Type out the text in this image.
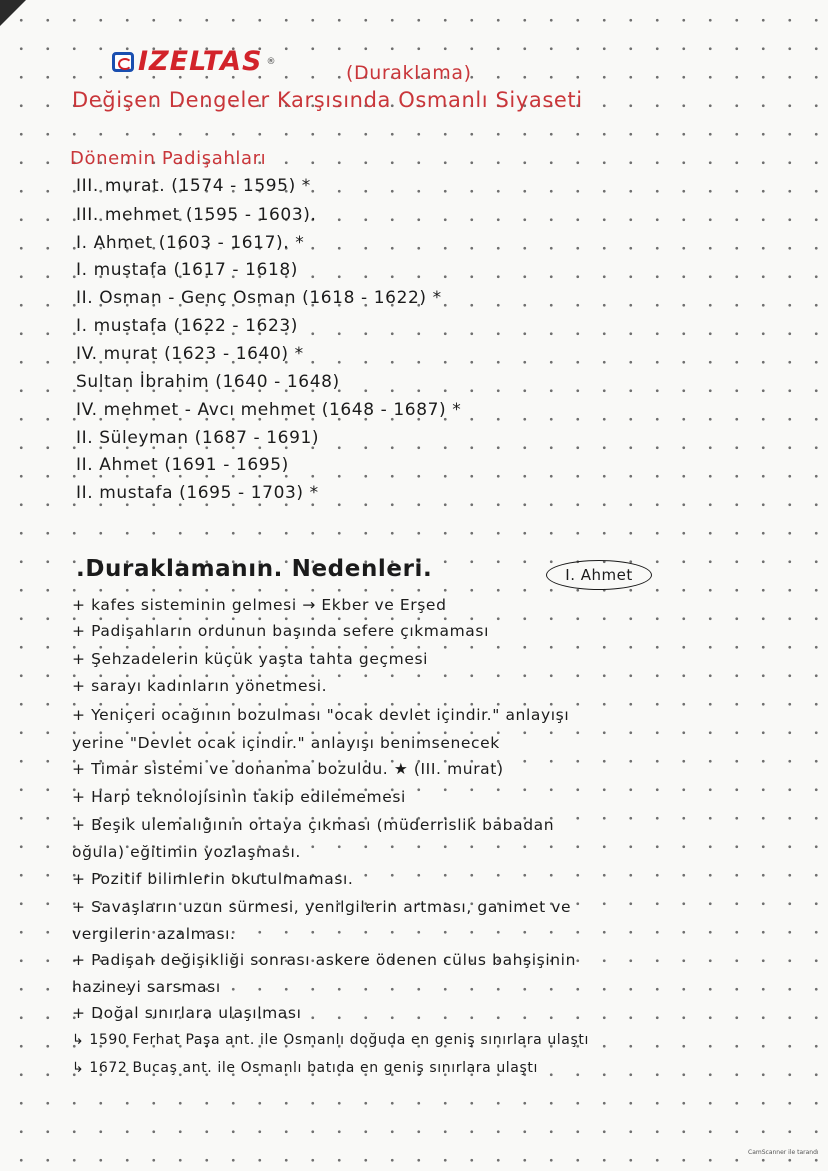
IZELTAS ®
(Duraklama)
Değişen Dengeler Karşısında Osmanlı Siyaseti
Dönemin Padişahları
III. murat. (1574 - 1595) *
III. mehmet (1595 - 1603).
I. Ahmet (1603 - 1617). *
I. mustafa (1617 - 1618)
II. Osman - Genç Osman (1618 - 1622) *
I. mustafa (1622 - 1623)
IV. murat (1623 - 1640) *
Sultan İbrahim (1640 - 1648)
IV. mehmet - Avcı mehmet (1648 - 1687) *
II. Süleyman (1687 - 1691)
II. Ahmet (1691 - 1695)
II. mustafa (1695 - 1703) *
.Duraklamanın. Nedenleri.	I. Ahmet
+ kafes sisteminin gelmesi → Ekber ve Erşed
+ Padişahların ordunun başında sefere çıkmaması
+ Şehzadelerin küçük yaşta tahta geçmesi
+ sarayı kadınların yönetmesi.
+ Yeniçeri ocağının bozulması "ocak devlet içindir." anlayışı
yerine "Devlet ocak içindir." anlayışı benimsenecek
+ Timar sistemi ve donanma bozuldu. ★ (III. murat)
+ Harp teknolojisinin takip edilememesi
+ Beşik ulemalığının ortaya çıkması (müderrislik babadan
oğula) eğitimin yozlaşması.
+ Pozitif bilimlerin okutulmaması.
+ Savaşların uzun sürmesi, yenilgilerin artması, ganimet ve
vergilerin azalması.
+ Padişah değişikliği sonrası askere ödenen cülus bahşişinin
hazineyi sarsması
+ Doğal sınırlara ulaşılması
↳ 1590 Ferhat Paşa ant. ile Osmanlı doğuda en geniş sınırlara ulaştı
↳ 1672 Bucaş ant. ile Osmanlı batıda en geniş sınırlara ulaştı
CamScanner ile tarandı
